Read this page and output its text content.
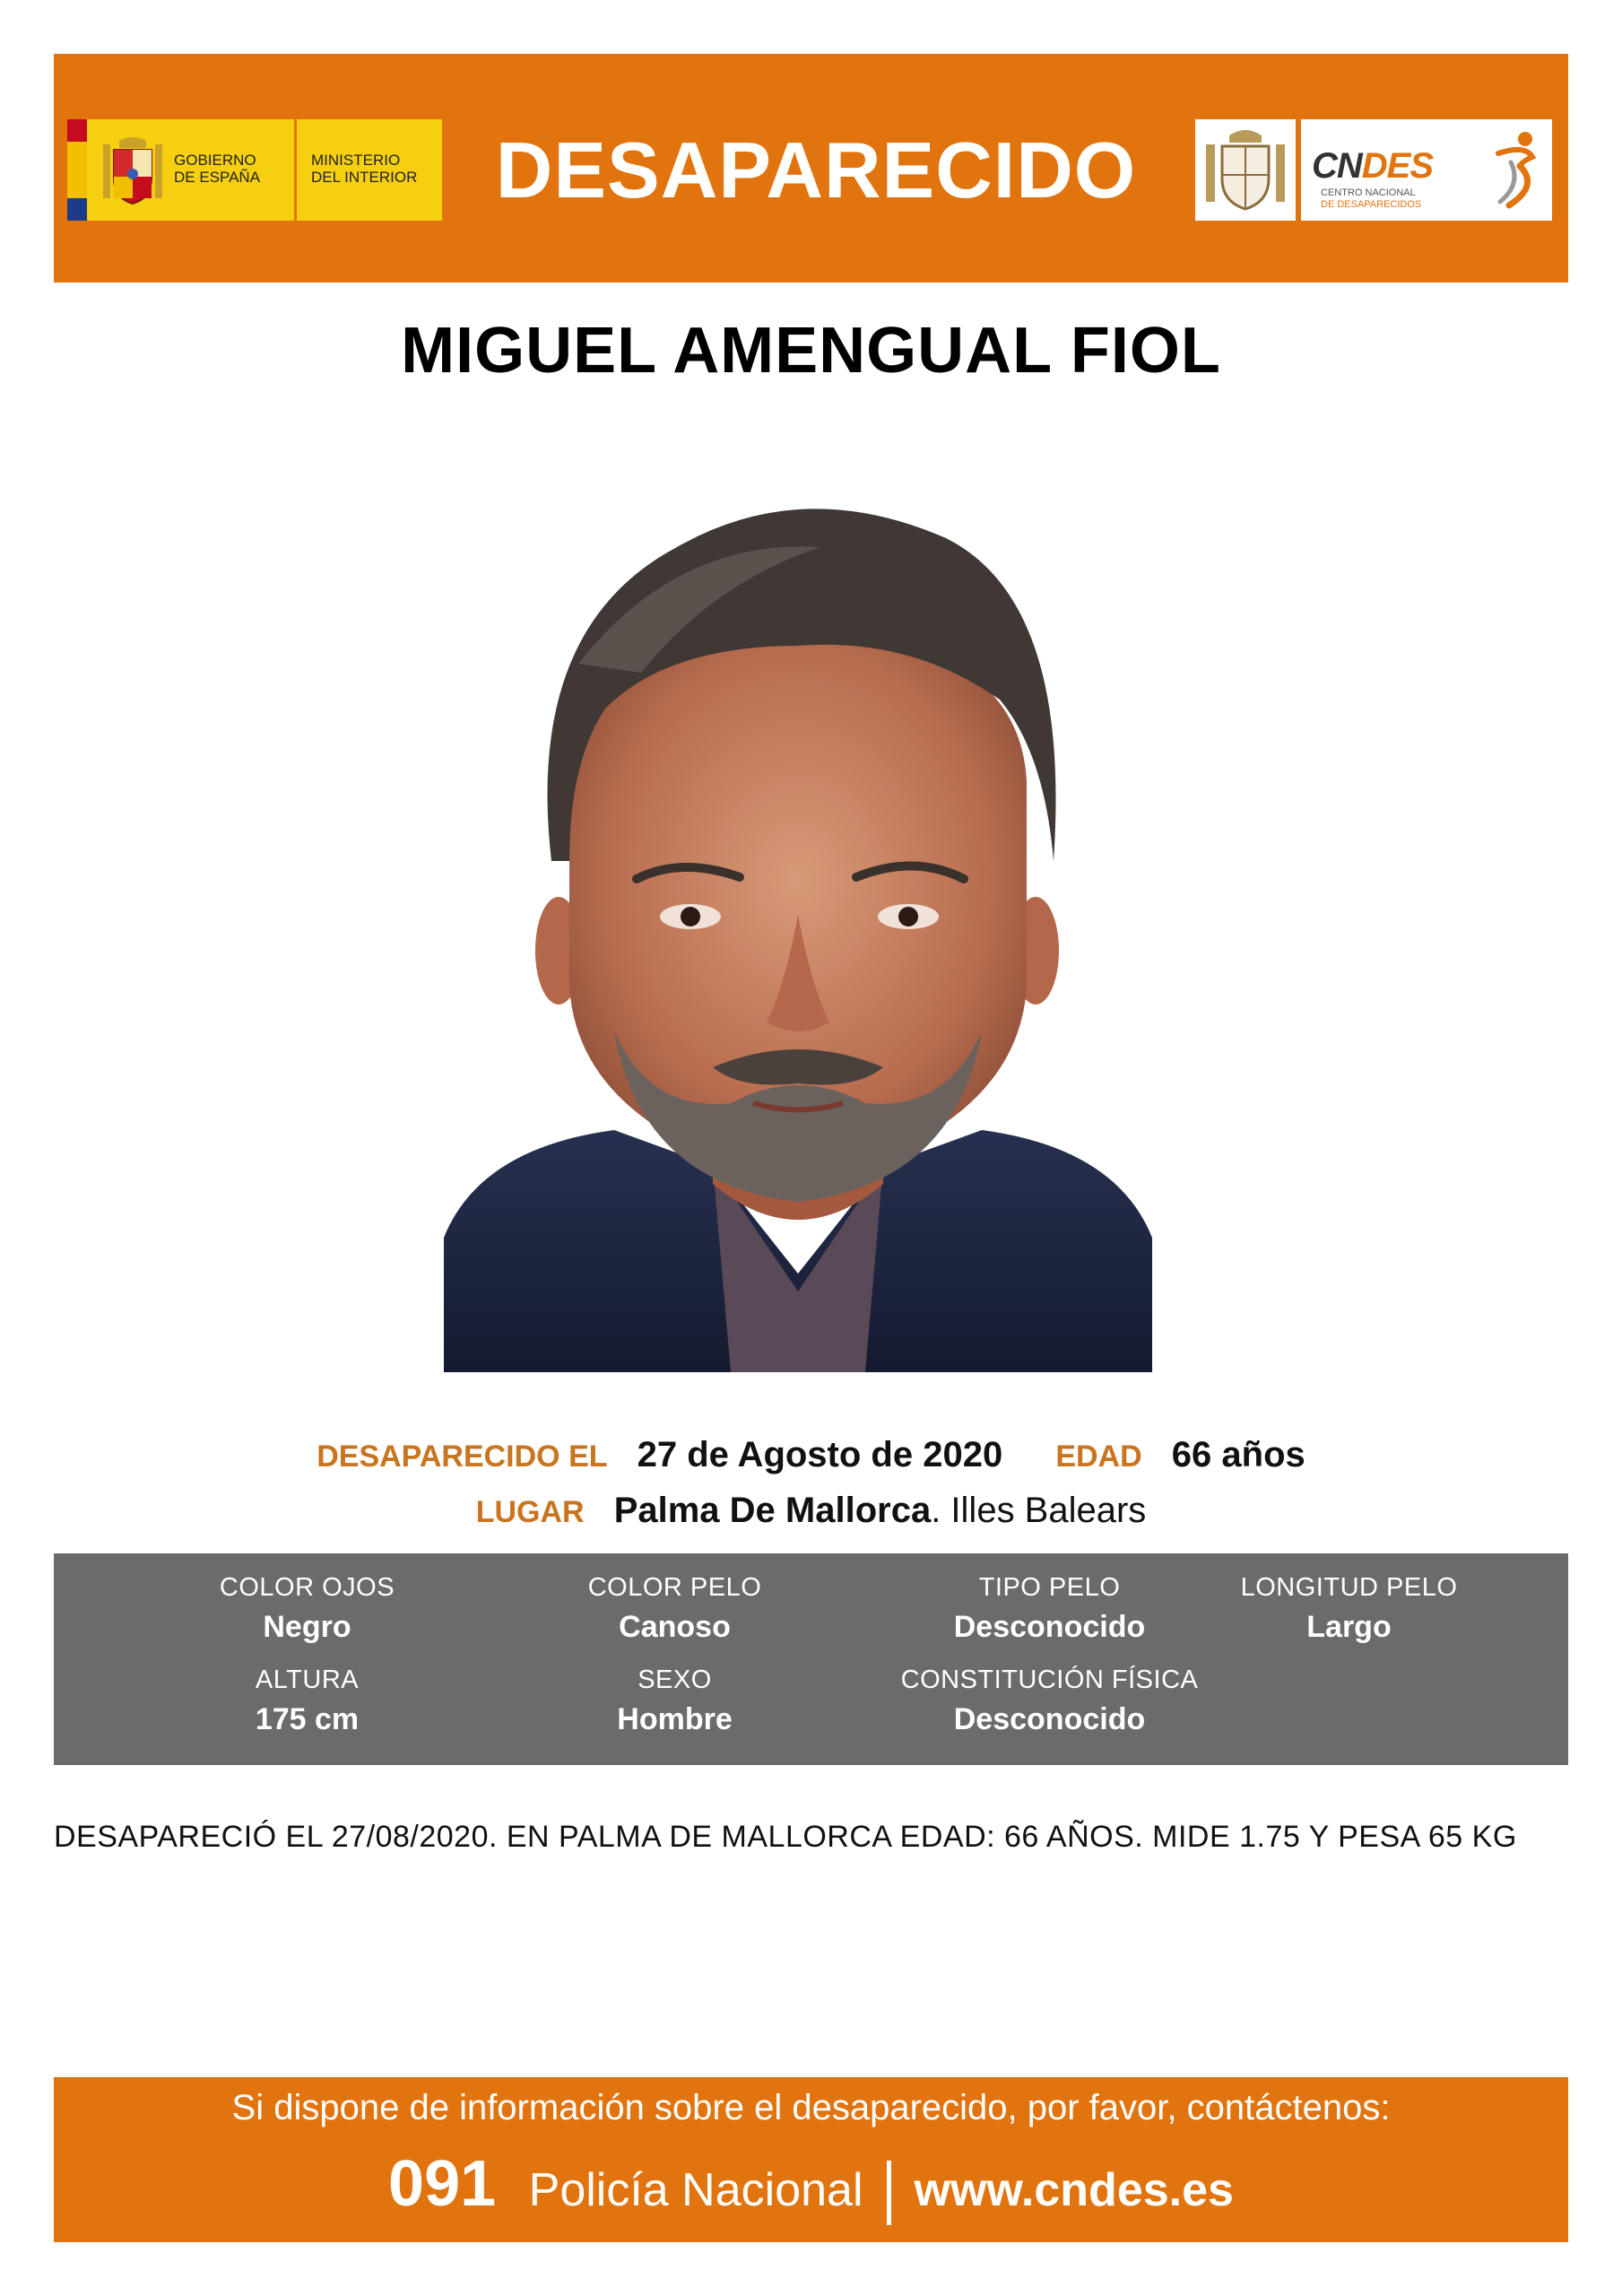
GOBIERNO
DE ESPAÑA
MINISTERIO
DEL INTERIOR DESAPARECIDO	CNDES
CENTRO NACIONAL
DE DESAPARECIDOS
MIGUEL AMENGUAL FIOL
DESAPARECIDO EL 27 de Agosto de 2020 EDAD 66 años
LUGAR Palma De Mallorca. Illes Balears
COLOR OJOS
Negro
COLOR PELO
Canoso
TIPO PELO
Desconocido
LONGITUD PELO
Largo
ALTURA
175 cm
SEXO
Hombre
CONSTITUCIÓN FÍSICA
Desconocido
DESAPARECIÓ EL 27/08/2020. EN PALMA DE MALLORCA EDAD: 66 AÑOS. MIDE 1.75 Y PESA 65 KG
Si dispone de información sobre el desaparecido, por favor, contáctenos:
091 Policía Nacional www.cndes.es
